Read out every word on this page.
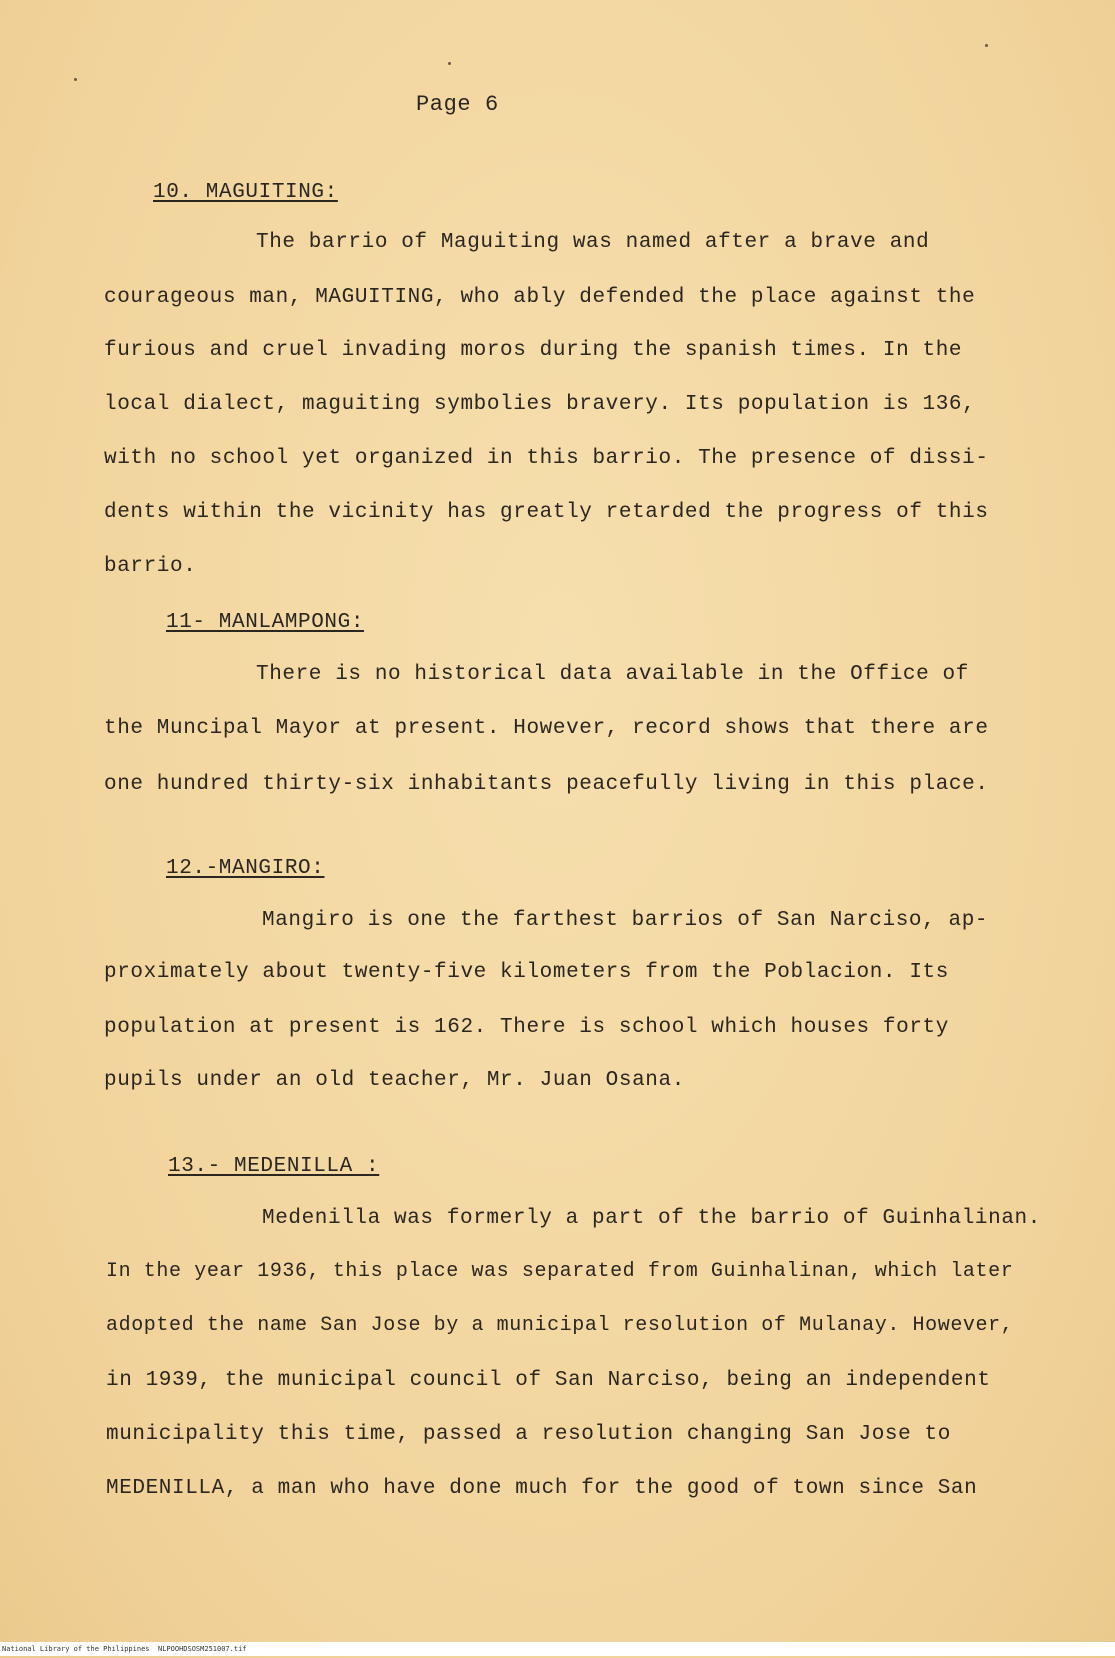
Page 6
10. MAGUITING:
The barrio of Maguiting was named after a brave and
courageous man, MAGUITING, who ably defended the place against the
furious and cruel invading moros during the spanish times. In the
local dialect, maguiting symbolies bravery. Its population is 136,
with no school yet organized in this barrio. The presence of dissi-
dents within the vicinity has greatly retarded the progress of this
barrio.
11- MANLAMPONG:
There is no historical data available in the Office of
the Muncipal Mayor at present. However, record shows that there are
one hundred thirty-six inhabitants peacefully living in this place.
12.-MANGIRO:
Mangiro is one the farthest barrios of San Narciso, ap-
proximately about twenty-five kilometers from the Poblacion. Its
population at present is 162. There is school which houses forty
pupils under an old teacher, Mr. Juan Osana.
13.- MEDENILLA :
Medenilla was formerly a part of the barrio of Guinhalinan.
In the year 1936, this place was separated from Guinhalinan, which later
adopted the name San Jose by a municipal resolution of Mulanay. However,
in 1939, the municipal council of San Narciso, being an independent
municipality this time, passed a resolution changing San Jose to
MEDENILLA, a man who have done much for the good of town since San
National Library of the Philippines NLPOOHDSOSM251007.tif
